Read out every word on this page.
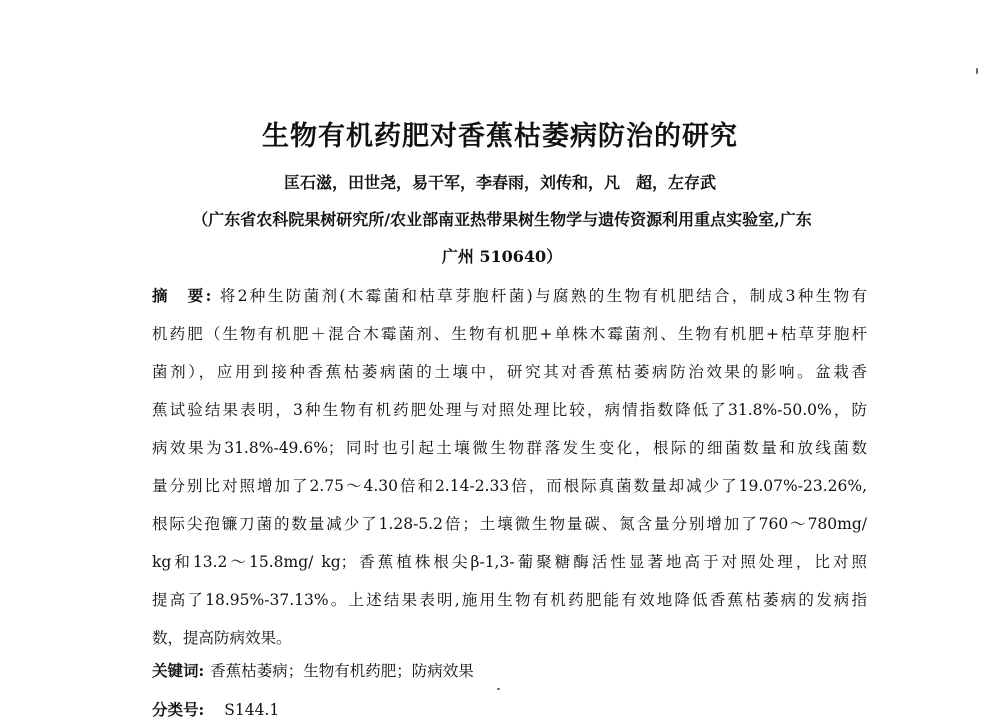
生物有机药肥对香蕉枯萎病防治的研究
匡石滋，田世尧，易干军，李春雨，刘传和，凡　超，左存武
（广东省农科院果树研究所/农业部南亚热带果树生物学与遗传资源利用重点实验室,广东
广州 510640）
摘　要: 将2种生防菌剂(木霉菌和枯草芽胞杆菌)与腐熟的生物有机肥结合，制成3种生物有
机药肥（生物有机肥＋混合木霉菌剂、生物有机肥+单株木霉菌剂、生物有机肥+枯草芽胞杆
菌剂），应用到接种香蕉枯萎病菌的土壤中，研究其对香蕉枯萎病防治效果的影响。盆栽香
蕉试验结果表明，3种生物有机药肥处理与对照处理比较，病情指数降低了31.8%-50.0%，防
病效果为31.8%-49.6%；同时也引起土壤微生物群落发生变化，根际的细菌数量和放线菌数
量分别比对照增加了2.75～4.30倍和2.14-2.33倍，而根际真菌数量却减少了19.07%-23.26%,
根际尖孢镰刀菌的数量减少了1.28-5.2倍；土壤微生物量碳、氮含量分别增加了760～780mg/
kg和13.2～15.8mg/ kg；香蕉植株根尖β-1,3-葡聚糖酶活性显著地高于对照处理，比对照
提高了18.95%-37.13%。上述结果表明,施用生物有机药肥能有效地降低香蕉枯萎病的发病指
数，提高防病效果。
关键词: 香蕉枯萎病；生物有机药肥；防病效果
分类号: S144.1
